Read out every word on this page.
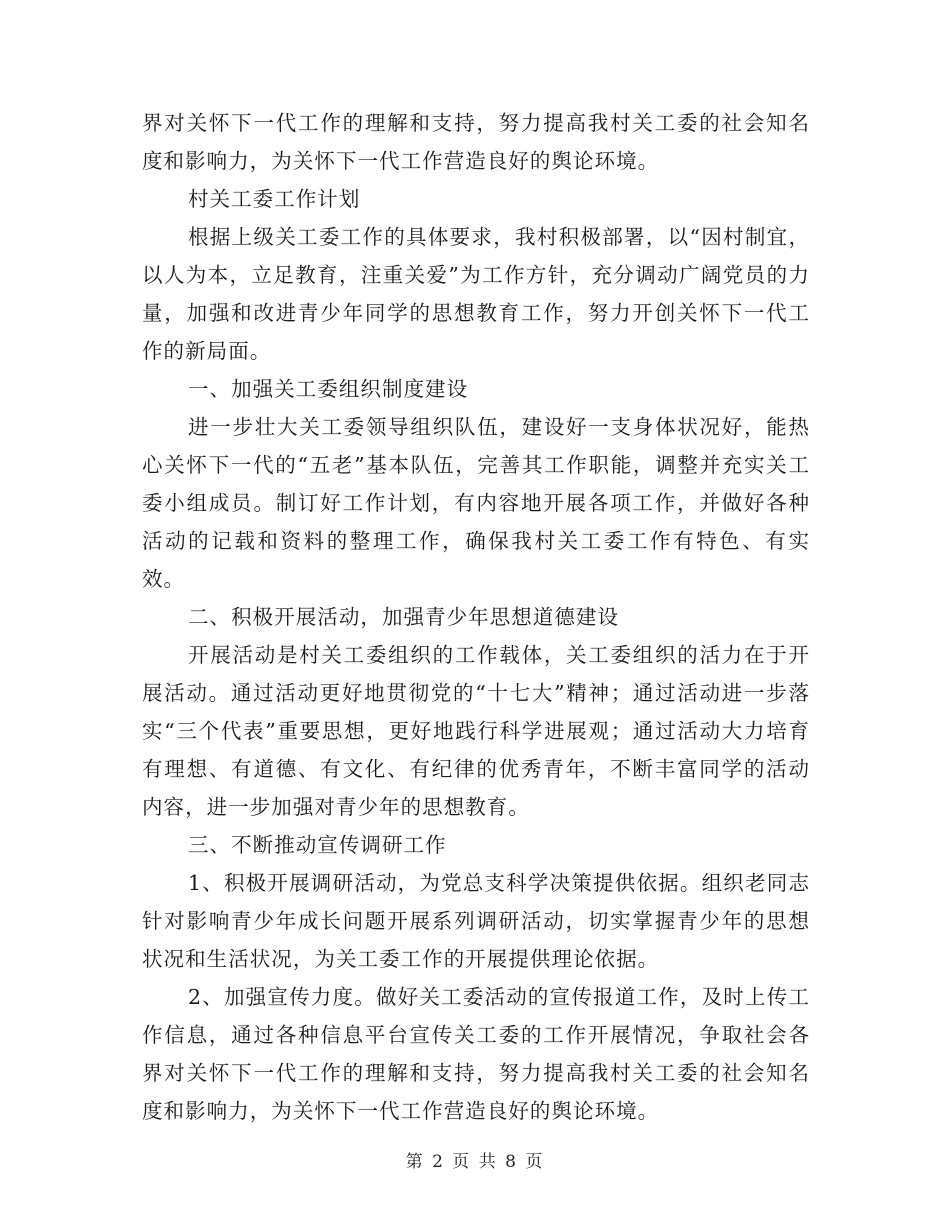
界对关怀下一代工作的理解和支持，努力提高我村关工委的社会知名度和影响力，为关怀下一代工作营造良好的舆论环境。

村关工委工作计划

根据上级关工委工作的具体要求，我村积极部署，以“因村制宜，以人为本，立足教育，注重关爱”为工作方针，充分调动广阔党员的力量，加强和改进青少年同学的思想教育工作，努力开创关怀下一代工作的新局面。

一、加强关工委组织制度建设

进一步壮大关工委领导组织队伍，建设好一支身体状况好，能热心关怀下一代的“五老”基本队伍，完善其工作职能，调整并充实关工委小组成员。制订好工作计划，有内容地开展各项工作，并做好各种活动的记载和资料的整理工作，确保我村关工委工作有特色、有实效。

二、积极开展活动，加强青少年思想道德建设

开展活动是村关工委组织的工作载体，关工委组织的活力在于开展活动。通过活动更好地贯彻党的“十七大”精神；通过活动进一步落实“三个代表”重要思想，更好地践行科学进展观；通过活动大力培育有理想、有道德、有文化、有纪律的优秀青年，不断丰富同学的活动内容，进一步加强对青少年的思想教育。

三、不断推动宣传调研工作

1、积极开展调研活动，为党总支科学决策提供依据。组织老同志针对影响青少年成长问题开展系列调研活动，切实掌握青少年的思想状况和生活状况，为关工委工作的开展提供理论依据。

2、加强宣传力度。做好关工委活动的宣传报道工作，及时上传工作信息，通过各种信息平台宣传关工委的工作开展情况，争取社会各界对关怀下一代工作的理解和支持，努力提高我村关工委的社会知名度和影响力，为关怀下一代工作营造良好的舆论环境。

第 2 页 共 8 页
